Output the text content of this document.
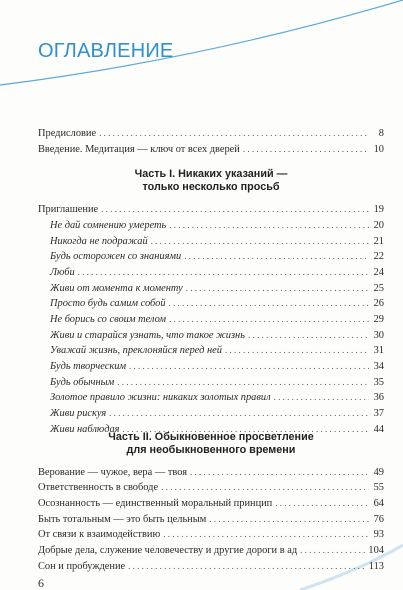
ОГЛАВЛЕНИЕ
Предисловие . . .	8
Введение. Медитация — ключ от всех дверей . . .	10
Часть I. Никаких указаний —
только несколько просьб
Приглашение . . .	19
Не дай сомнению умереть . . .	20
Никогда не подражай . . .	21
Будь осторожен со знаниями . . .	22
Люби . . .	24
Живи от момента к моменту . . .	25
Просто будь самим собой . . .	26
Не борись со своим телом . . .	29
Живи и старайся узнать, что такое жизнь . . .	30
Уважай жизнь, преклоняйся перед ней . . .	31
Будь творческим . . .	34
Будь обычным . . .	35
Золотое правило жизни: никаких золотых правил . . .	36
Живи рискуя . . .	37
Живи наблюдая . . .	44
Часть II. Обыкновенное просветление
для необыкновенного времени
Верование — чужое, вера — твоя . . .	49
Ответственность в свободе . . .	55
Осознанность — единственный моральный принцип . . .	64
Быть тотальным — это быть цельным . . .	76
От связи к взаимодействию . . .	93
Добрые дела, служение человечеству и другие дороги в ад . . .	104
Сон и пробуждение . . .	113
6
